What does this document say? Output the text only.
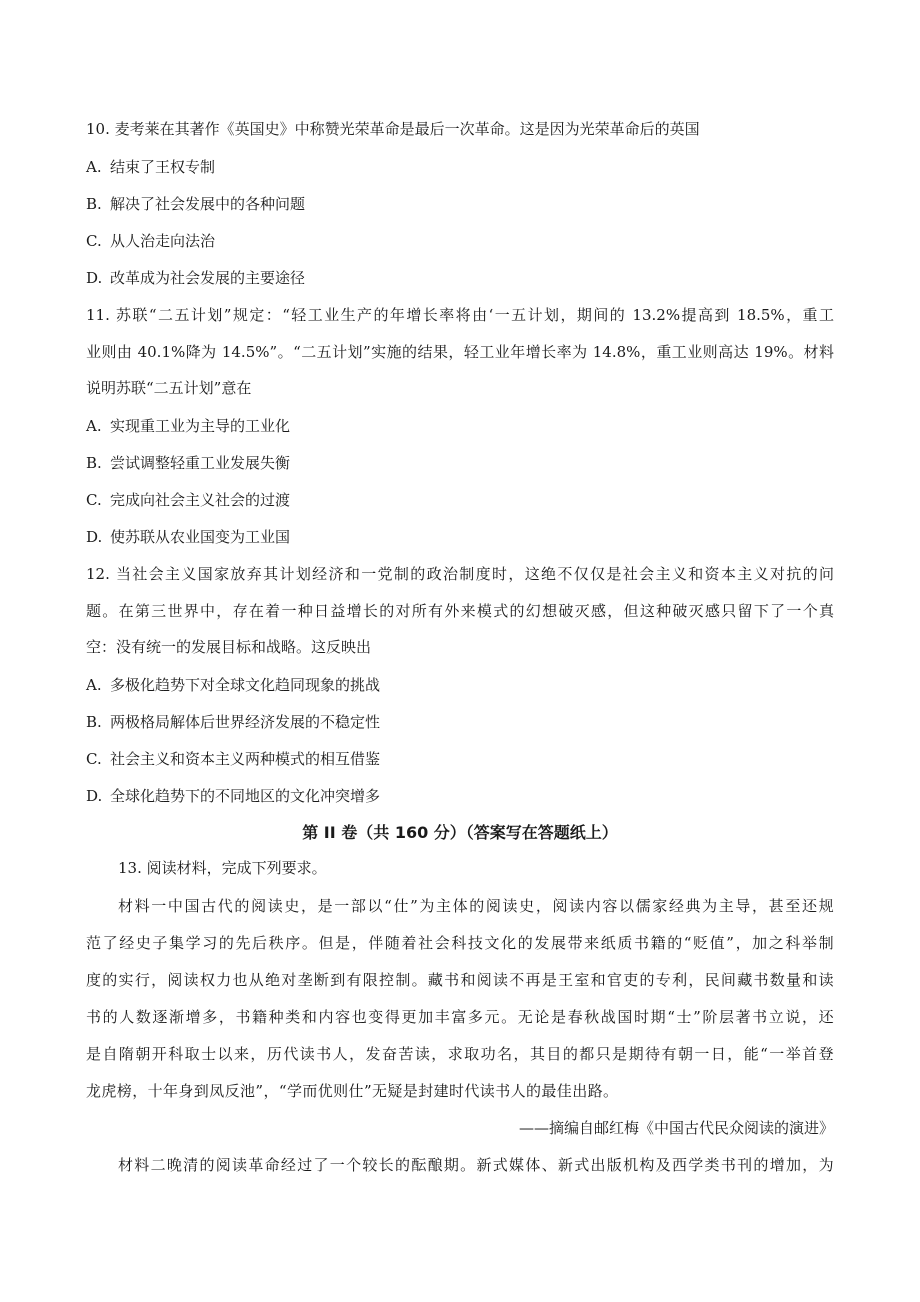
10. 麦考莱在其著作《英国史》中称赞光荣革命是最后一次革命。这是因为光荣革命后的英国
A. 结束了王权专制
B. 解决了社会发展中的各种问题
C. 从人治走向法治
D. 改革成为社会发展的主要途径
11. 苏联“二五计划”规定：“轻工业生产的年增长率将由‘一五计划，期间的 13.2%提高到 18.5%，重工
业则由 40.1%降为 14.5%”。“二五计划”实施的结果，轻工业年增长率为 14.8%，重工业则高达 19%。材料
说明苏联“二五计划”意在
A. 实现重工业为主导的工业化
B. 尝试调整轻重工业发展失衡
C. 完成向社会主义社会的过渡
D. 使苏联从农业国变为工业国
12. 当社会主义国家放弃其计划经济和一党制的政治制度时，这绝不仅仅是社会主义和资本主义对抗的问
题。在第三世界中，存在着一种日益增长的对所有外来模式的幻想破灭感，但这种破灭感只留下了一个真
空：没有统一的发展目标和战略。这反映出
A. 多极化趋势下对全球文化趋同现象的挑战
B. 两极格局解体后世界经济发展的不稳定性
C. 社会主义和资本主义两种模式的相互借鉴
D. 全球化趋势下的不同地区的文化冲突增多
第 II 卷（共 160 分）（答案写在答题纸上）
13. 阅读材料，完成下列要求。
材料一中国古代的阅读史，是一部以“仕”为主体的阅读史，阅读内容以儒家经典为主导，甚至还规
范了经史子集学习的先后秩序。但是，伴随着社会科技文化的发展带来纸质书籍的“贬值”，加之科举制
度的实行，阅读权力也从绝对垄断到有限控制。藏书和阅读不再是王室和官吏的专利，民间藏书数量和读
书的人数逐渐增多，书籍种类和内容也变得更加丰富多元。无论是春秋战国时期“士”阶层著书立说，还
是自隋朝开科取士以来，历代读书人，发奋苦读，求取功名，其目的都只是期待有朝一日，能“一举首登
龙虎榜，十年身到凤反池”，“学而优则仕”无疑是封建时代读书人的最佳出路。
——摘编自邮红梅《中国古代民众阅读的演进》
材料二晚清的阅读革命经过了一个较长的酝酿期。新式媒体、新式出版机构及西学类书刊的增加，为
